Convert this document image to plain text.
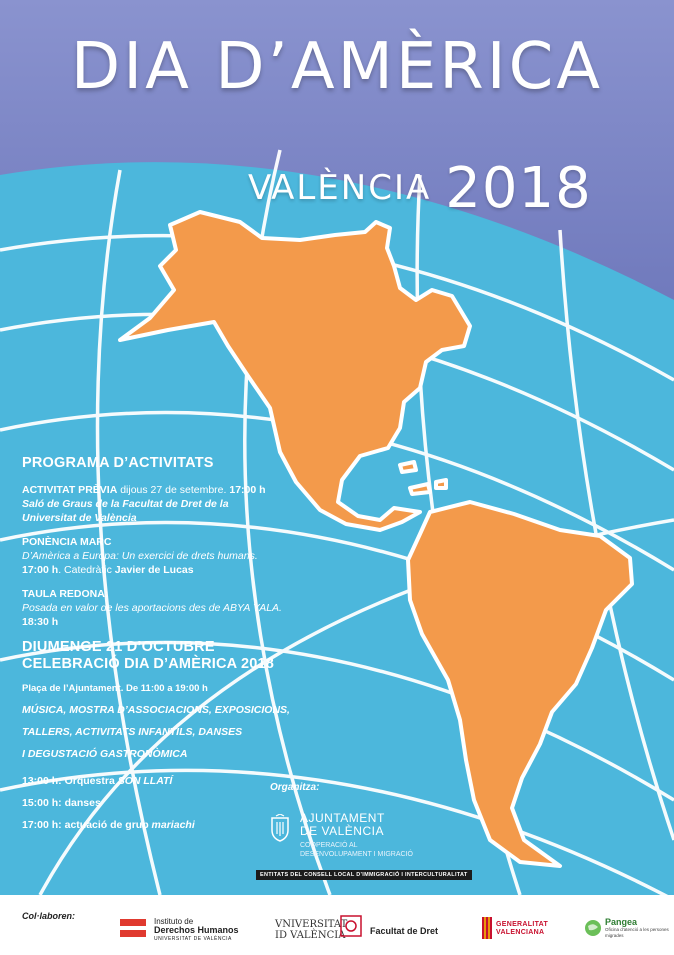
DIA D’AMÈRICA
VALÈNCIA 2018
PROGRAMA D’ACTIVITATS
ACTIVITAT PRÈVIA dijous 27 de setembre. 17:00 h
Saló de Graus de la Facultat de Dret de la
Universitat de València
PONÈNCIA MARC
D’Amèrica a Europa: Un exercici de drets humans.
17:00 h. Catedràtic Javier de Lucas
TAULA REDONA:
Posada en valor de les aportacions des de ABYA YALA.
18:30 h
DIUMENGE 21 D’OCTUBRE
CELEBRACIÓ DIA D’AMÈRICA 2018
Plaça de l’Ajuntament. De 11:00 a 19:00 h
MÚSICA, MOSTRA D’ASSOCIACIONS, EXPOSICIONS,
TALLERS, ACTIVITATS INFANTILS, DANSES
I DEGUSTACIÓ GASTRONÒMICA
13:00 h: Orquestra SON LLATÍ
15:00 h: danses
17:00 h: actuació de grup mariachi
Organitza:
AJUNTAMENT
DE VALÈNCIA
COOPERACIÓ AL
DESENVOLUPAMENT I MIGRACIÓ
ENTITATS DEL CONSELL LOCAL D’IMMIGRACIÓ I INTERCULTURALITAT
Col·laboren:
Instituto de
Derechos Humanos
UNIVERSITAT DE VALÈNCIA
VNIVERSITAT
ID VALÈNCIA	Facultat de Dret
GENERALITAT
VALENCIANA
Pangea
Oficina d’atenció a les persones migrades
